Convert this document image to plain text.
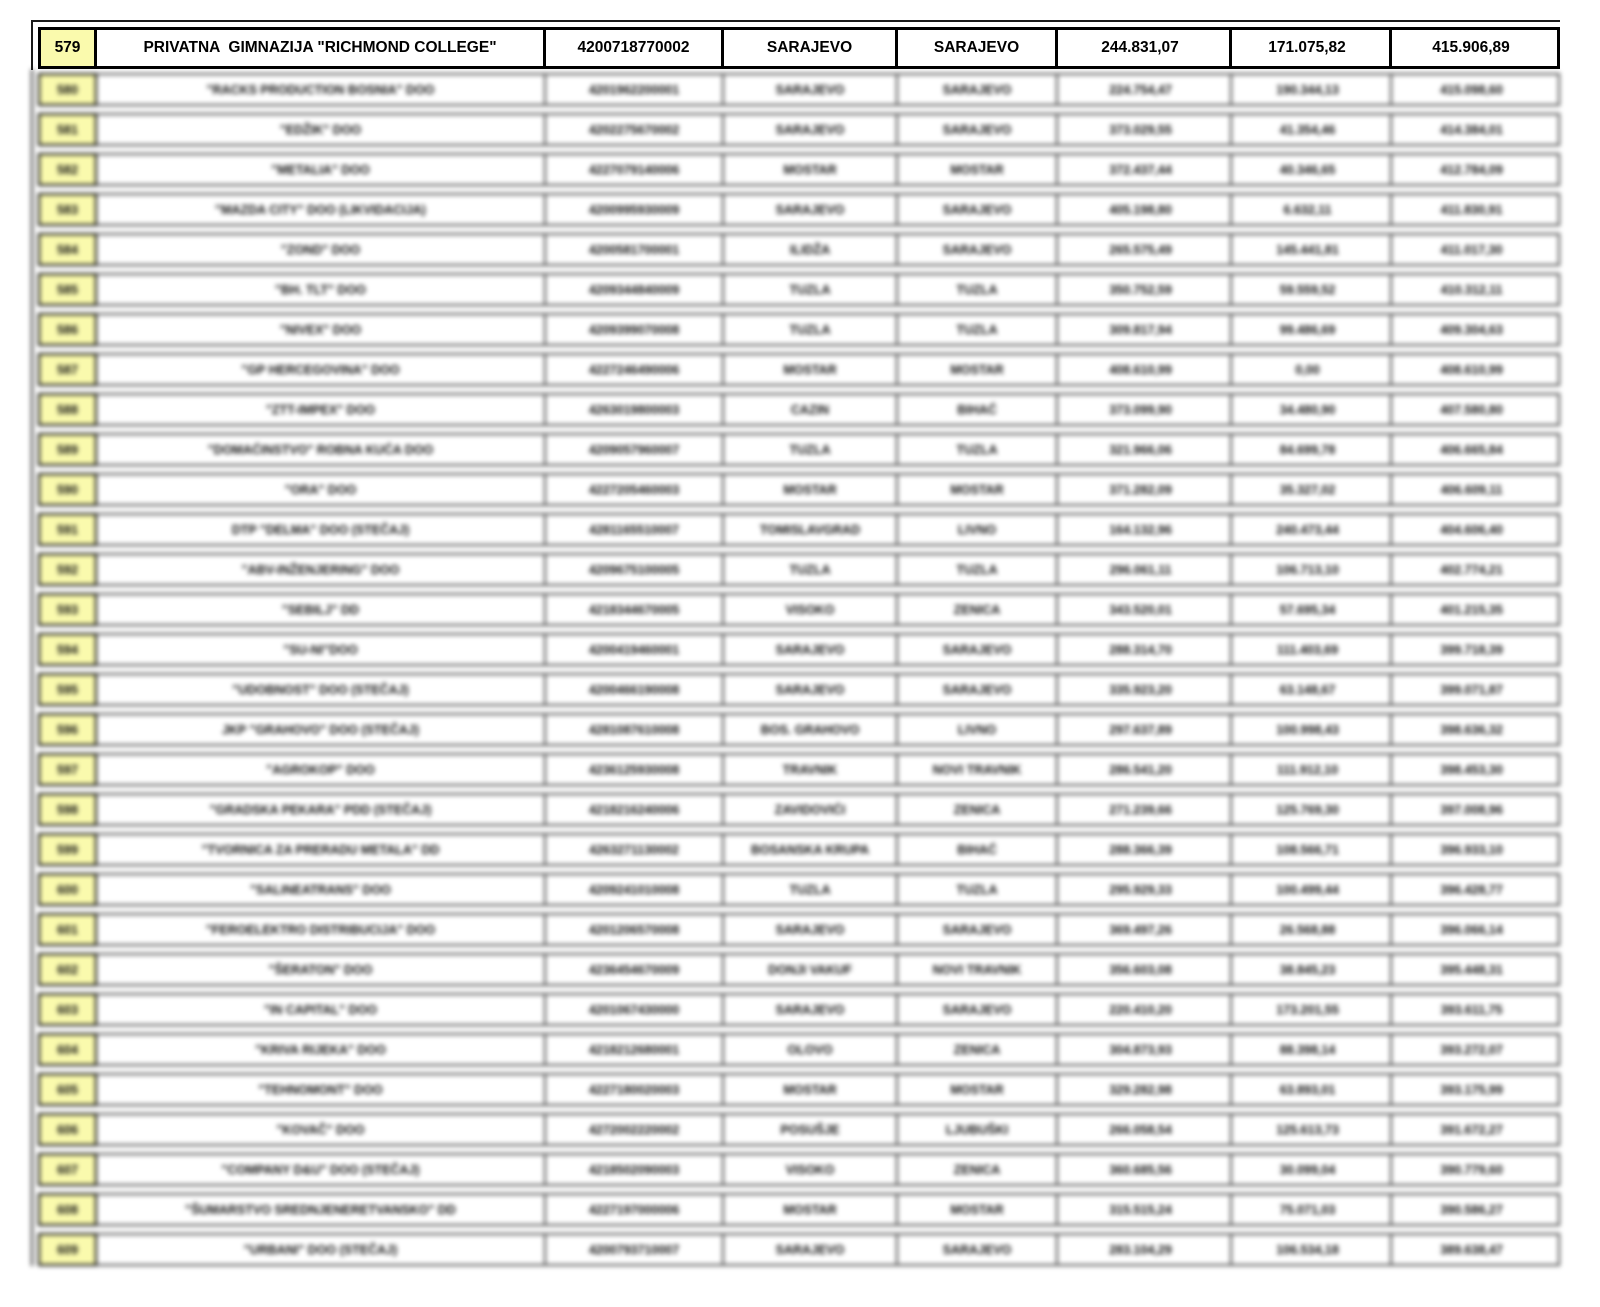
579	PRIVATNA  GIMNAZIJA "RICHMOND COLLEGE"	4200718770002	SARAJEVO	SARAJEVO	244.831,07	171.075,82	415.906,89
580	"RACKS PRODUCTION BOSNIA" DOO	4201962200001	SARAJEVO	SARAJEVO	224.754,47	190.344,13	415.098,60
581	"EDŽIK" DOO	4202275670002	SARAJEVO	SARAJEVO	373.029,55	41.354,46	414.384,01
582	"METALIA" DOO	4227079140006	MOSTAR	MOSTAR	372.437,44	40.346,65	412.784,09
583	"MAZDA CITY" DOO (LIKVIDACIJA)	4200995930009	SARAJEVO	SARAJEVO	405.198,80	6.632,11	411.830,91
584	"ZOND" DOO	4200581700001	ILIDŽA	SARAJEVO	265.575,49	145.441,81	411.017,30
585	"BH. TLT" DOO	4209344840009	TUZLA	TUZLA	350.752,59	59.559,52	410.312,11
586	"NIVEX" DOO	4209399070008	TUZLA	TUZLA	309.817,94	99.486,69	409.304,63
587	"GP HERCEGOVINA" DOO	4227246490006	MOSTAR	MOSTAR	408.610,99	0,00	408.610,99
588	"ZTT-IMPEX" DOO	4263019800003	CAZIN	BIHAĆ	373.099,90	34.480,90	407.580,80
589	"DOMAĆINSTVO" ROBNA KUĆA DOO	4209057960007	TUZLA	TUZLA	321.966,06	84.699,78	406.665,84
590	"ORA" DOO	4227205460003	MOSTAR	MOSTAR	371.282,09	35.327,02	406.609,11
591	DTP "DELMA" DOO (STEČAJ)	4281165510007	TOMISLAVGRAD	LIVNO	164.132,96	240.473,44	404.606,40
592	"ABV-INŽENJERING" DOO	4209675100005	TUZLA	TUZLA	296.061,11	106.713,10	402.774,21
593	"SEBILJ" DD	4218344670005	VISOKO	ZENICA	343.520,01	57.695,34	401.215,35
594	"SU-NI"DOO	4200419460001	SARAJEVO	SARAJEVO	288.314,70	111.403,69	399.718,39
595	"UDOBNOST" DOO (STEČAJ)	4200466190008	SARAJEVO	SARAJEVO	335.923,20	63.148,67	399.071,87
596	JKP "GRAHOVO" DOO (STEČAJ)	4281087610008	BOS. GRAHOVO	LIVNO	297.637,89	100.998,43	398.636,32
597	"AGROKOP" DOO	4236125930008	TRAVNIK	NOVI TRAVNIK	286.541,20	111.912,10	398.453,30
598	"GRADSKA PEKARA" PDD (STEČAJ)	4218216240006	ZAVIDOVIĆI	ZENICA	271.239,66	125.769,30	397.008,96
599	"TVORNICA ZA PRERADU METALA" DD	4263271130002	BOSANSKA KRUPA	BIHAĆ	288.366,39	108.566,71	396.933,10
600	"SALINEATRANS" DOO	4209241010008	TUZLA	TUZLA	295.929,33	100.499,44	396.428,77
601	"FEROELEKTRO DISTRIBUCIJA" DOO	4201206570008	SARAJEVO	SARAJEVO	369.497,26	26.568,88	396.066,14
602	"ŠERATON" DOO	4236454670009	DONJI VAKUF	NOVI TRAVNIK	356.603,08	38.845,23	395.448,31
603	"IN CAPITAL" DOO	4201067430000	SARAJEVO	SARAJEVO	220.410,20	173.201,55	393.611,75
604	"KRIVA RIJEKA" DOO	4218212680001	OLOVO	ZENICA	304.873,93	88.398,14	393.272,07
605	"TEHNOMONT" DOO	4227180020003	MOSTAR	MOSTAR	329.282,98	63.893,01	393.175,99
606	"KOVAČ" DOO	4272002220002	POSUŠJE	LJUBUŠKI	266.058,54	125.613,73	391.672,27
607	"COMPANY D&U" DOO (STEČAJ)	4218502090003	VISOKO	ZENICA	360.685,56	30.099,04	390.779,60
608	"ŠUMARSTVO SREDNJENERETVANSKO" DD	4227197000006	MOSTAR	MOSTAR	315.515,24	75.071,03	390.586,27
609	"URBANI" DOO (STEČAJ)	4200793710007	SARAJEVO	SARAJEVO	283.104,29	106.534,18	389.638,47
